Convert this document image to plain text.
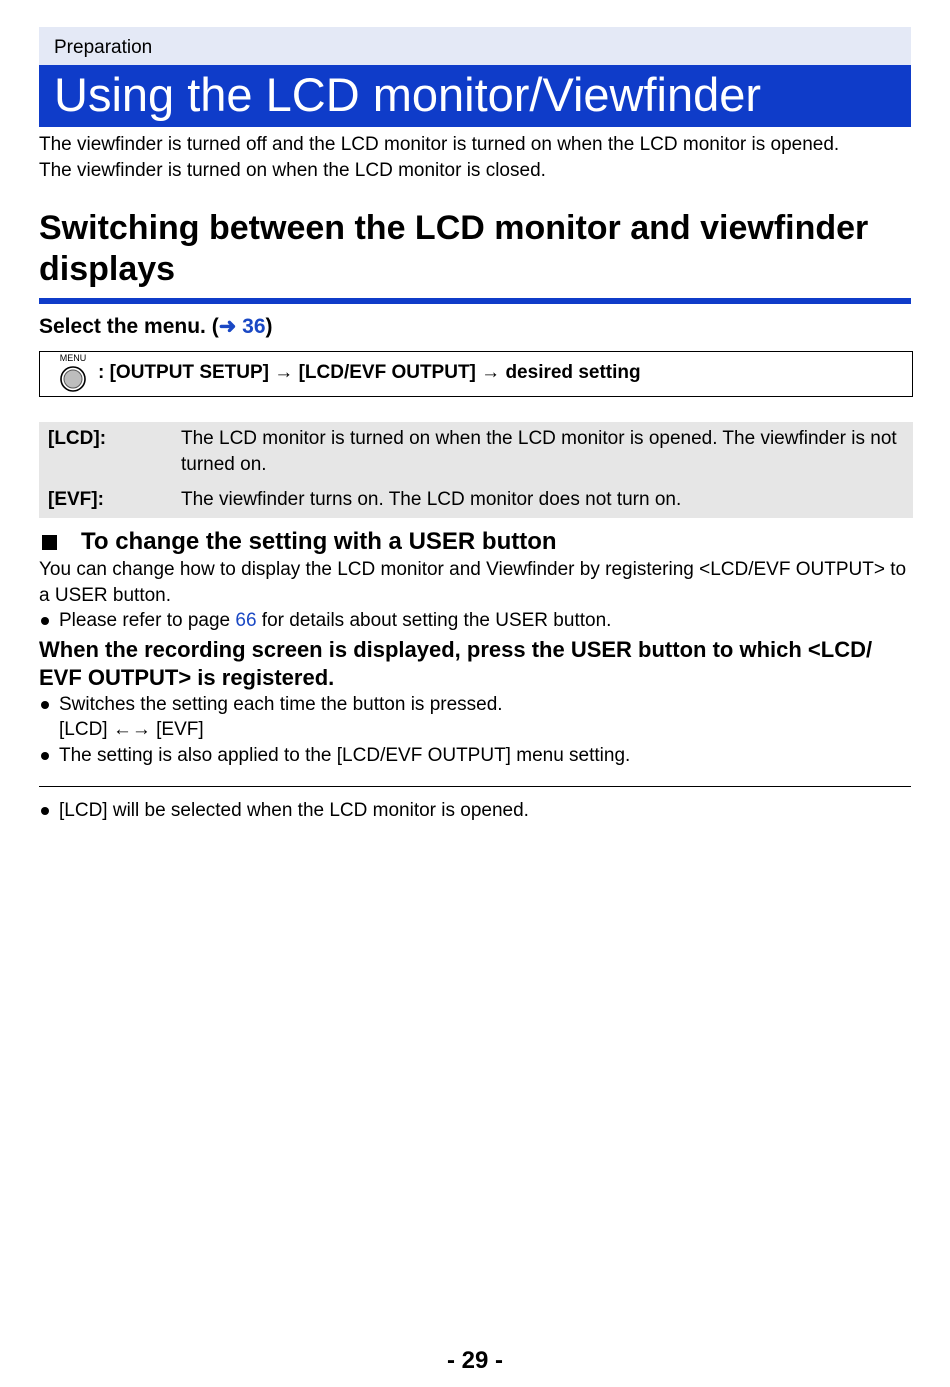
Preparation
Using the LCD monitor/Viewfinder
The viewfinder is turned off and the LCD monitor is turned on when the LCD monitor is opened.
The viewfinder is turned on when the LCD monitor is closed.
Switching between the LCD monitor and viewfinder displays
Select the menu. (➜ 36)
MENU
: [OUTPUT SETUP] → [LCD/EVF OUTPUT] → desired setting
[LCD]:	The LCD monitor is turned on when the LCD monitor is opened. The viewfinder is not turned on.
[EVF]:	The viewfinder turns on. The LCD monitor does not turn on.
To change the setting with a USER button
You can change how to display the LCD monitor and Viewfinder by registering <LCD/EVF OUTPUT> to a USER button.
Please refer to page 66 for details about setting the USER button.
When the recording screen is displayed, press the USER button to which <LCD/ EVF OUTPUT> is registered.
Switches the setting each time the button is pressed.
[LCD] ←→ [EVF]
The setting is also applied to the [LCD/EVF OUTPUT] menu setting.
[LCD] will be selected when the LCD monitor is opened.
- 29 -
